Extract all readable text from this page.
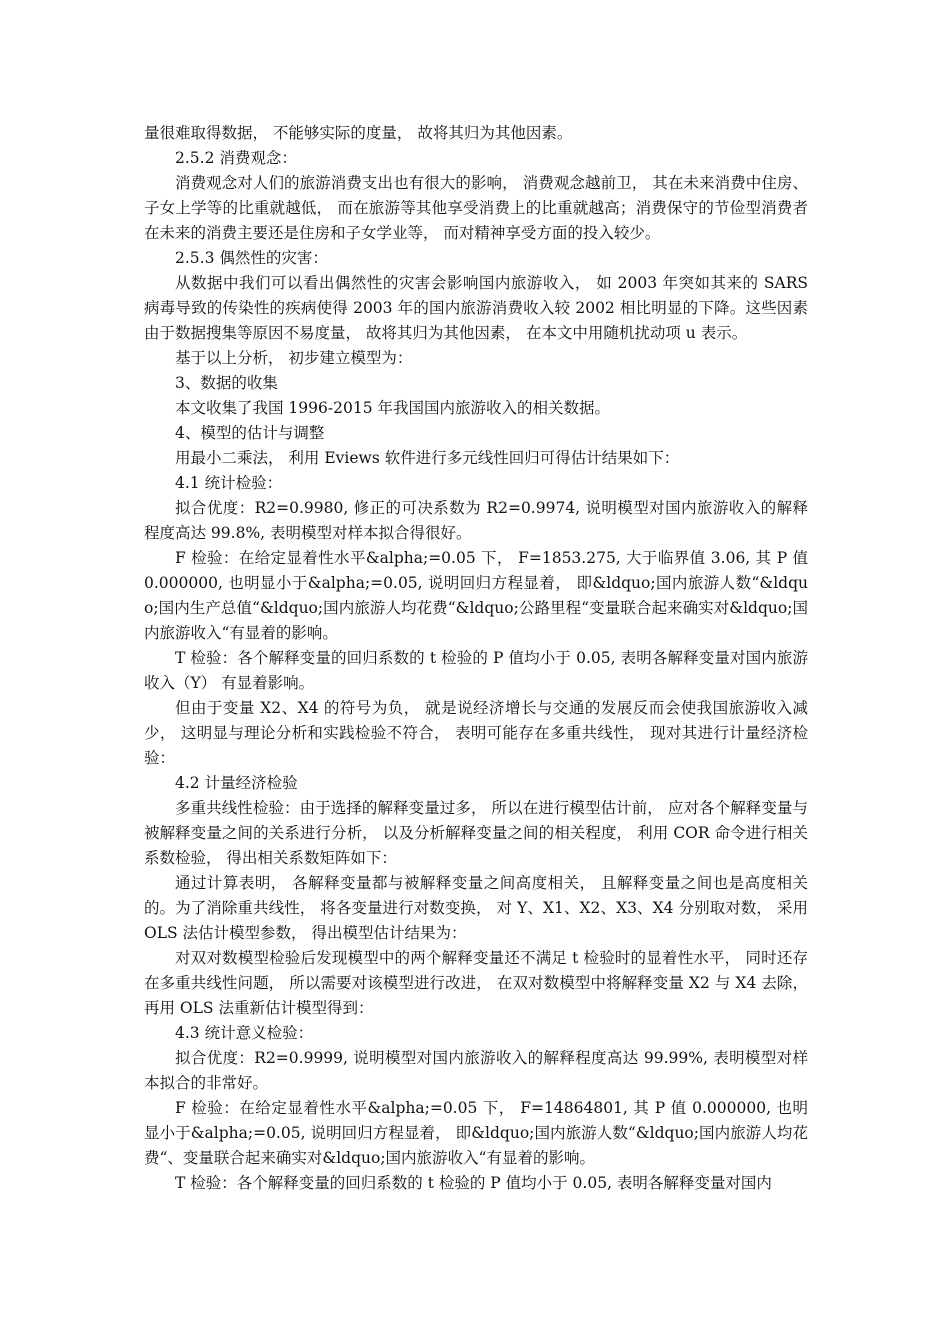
量很难取得数据， 不能够实际的度量， 故将其归为其他因素。

2.5.2 消费观念：

消费观念对人们的旅游消费支出也有很大的影响， 消费观念越前卫， 其在未来消费中住房、子女上学等的比重就越低， 而在旅游等其他享受消费上的比重就越高；消费保守的节俭型消费者在未来的消费主要还是住房和子女学业等， 而对精神享受方面的投入较少。

2.5.3 偶然性的灾害：

从数据中我们可以看出偶然性的灾害会影响国内旅游收入， 如 2003 年突如其来的 SARS 病毒导致的传染性的疾病使得 2003 年的国内旅游消费收入较 2002 相比明显的下降。这些因素由于数据搜集等原因不易度量， 故将其归为其他因素， 在本文中用随机扰动项 u 表示。

基于以上分析， 初步建立模型为：

3、数据的收集

本文收集了我国 1996-2015 年我国国内旅游收入的相关数据。

4、模型的估计与调整

用最小二乘法， 利用 Eviews 软件进行多元线性回归可得估计结果如下：

4.1 统计检验：

拟合优度：R2=0.9980, 修正的可决系数为 R2=0.9974, 说明模型对国内旅游收入的解释程度高达 99.8%, 表明模型对样本拟合得很好。

F 检验：在给定显着性水平&alpha;=0.05 下， F=1853.275, 大于临界值 3.06, 其 P 值 0.000000, 也明显小于&alpha;=0.05, 说明回归方程显着， 即&ldquo;国内旅游人数“&ldquo;国内生产总值“&ldquo;国内旅游人均花费“&ldquo;公路里程“变量联合起来确实对&ldquo;国内旅游收入“有显着的影响。

T 检验：各个解释变量的回归系数的 t 检验的 P 值均小于 0.05, 表明各解释变量对国内旅游收入（Y） 有显着影响。

但由于变量 X2、X4 的符号为负， 就是说经济增长与交通的发展反而会使我国旅游收入减少， 这明显与理论分析和实践检验不符合， 表明可能存在多重共线性， 现对其进行计量经济检验：

4.2 计量经济检验

多重共线性检验：由于选择的解释变量过多， 所以在进行模型估计前， 应对各个解释变量与被解释变量之间的关系进行分析， 以及分析解释变量之间的相关程度， 利用 COR 命令进行相关系数检验， 得出相关系数矩阵如下：

通过计算表明， 各解释变量都与被解释变量之间高度相关， 且解释变量之间也是高度相关的。为了消除重共线性， 将各变量进行对数变换， 对 Y、X1、X2、X3、X4 分别取对数， 采用 OLS 法估计模型参数， 得出模型估计结果为：

对双对数模型检验后发现模型中的两个解释变量还不满足 t 检验时的显着性水平， 同时还存在多重共线性问题， 所以需要对该模型进行改进， 在双对数模型中将解释变量 X2 与 X4 去除， 再用 OLS 法重新估计模型得到：

4.3 统计意义检验：

拟合优度：R2=0.9999, 说明模型对国内旅游收入的解释程度高达 99.99%, 表明模型对样本拟合的非常好。

F 检验：在给定显着性水平&alpha;=0.05 下， F=14864801, 其 P 值 0.000000, 也明显小于&alpha;=0.05, 说明回归方程显着， 即&ldquo;国内旅游人数“&ldquo;国内旅游人均花费“、变量联合起来确实对&ldquo;国内旅游收入“有显着的影响。

T 检验：各个解释变量的回归系数的 t 检验的 P 值均小于 0.05, 表明各解释变量对国内
